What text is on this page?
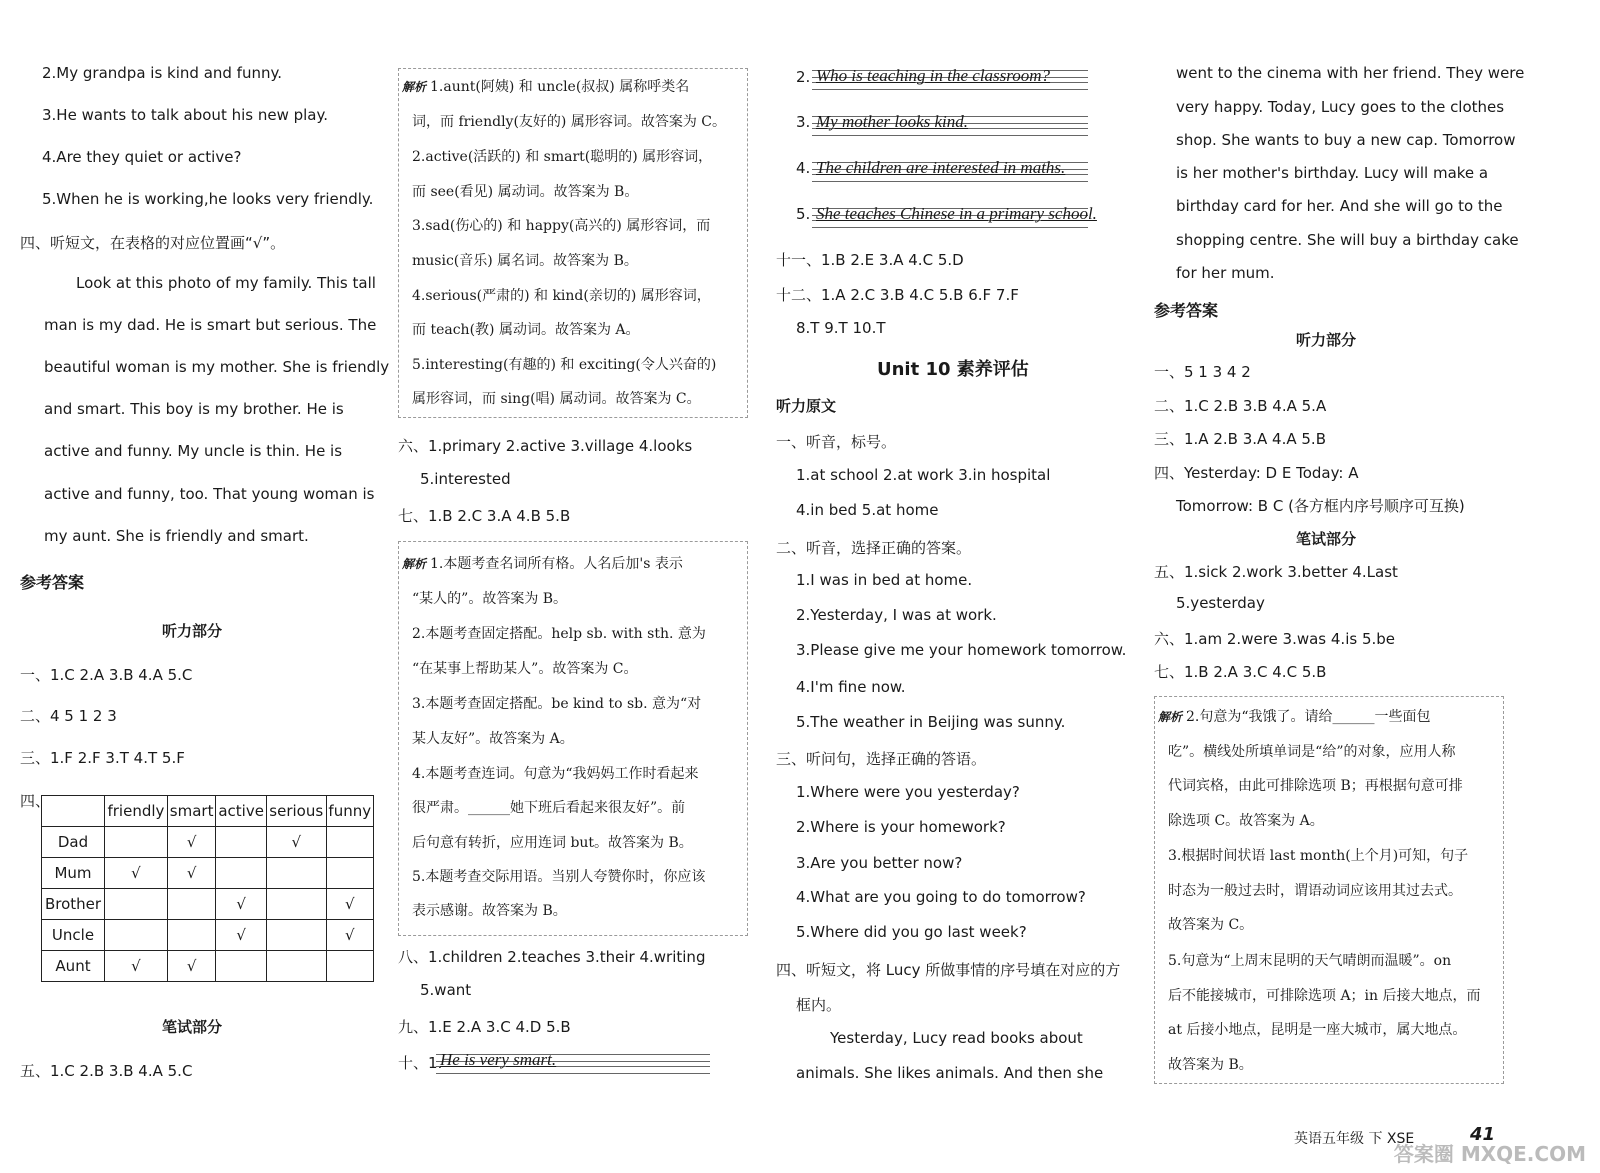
2.My grandpa is kind and funny.
3.He wants to talk about his new play.
4.Are they quiet or active?
5.When he is working,he looks very friendly.
四、听短文，在表格的对应位置画“√”。
Look at this photo of my family. This tall
man is my dad. He is smart but serious. The
beautiful woman is my mother. She is friendly
and smart. This boy is my brother. He is
active and funny. My uncle is thin. He is
active and funny, too. That young woman is
my aunt. She is friendly and smart.
参考答案
听力部分
一、1.C 2.A 3.B 4.A 5.C
二、4 5 1 2 3
三、1.F 2.F 3.T 4.T 5.F
四、
	friendly	smart	active	serious	funny
Dad		√		√	
Mum	√	√			
Brother			√		√
Uncle			√		√
Aunt	√	√			
笔试部分
五、1.C 2.B 3.B 4.A 5.C
解析 1.aunt(阿姨) 和 uncle(叔叔) 属称呼类名
词，而 friendly(友好的) 属形容词。故答案为 C。
2.active(活跃的) 和 smart(聪明的) 属形容词，
而 see(看见) 属动词。故答案为 B。
3.sad(伤心的) 和 happy(高兴的) 属形容词，而
music(音乐) 属名词。故答案为 B。
4.serious(严肃的) 和 kind(亲切的) 属形容词，
而 teach(教) 属动词。故答案为 A。
5.interesting(有趣的) 和 exciting(令人兴奋的)
属形容词，而 sing(唱) 属动词。故答案为 C。
六、1.primary 2.active 3.village 4.looks
5.interested
七、1.B 2.C 3.A 4.B 5.B
解析 1.本题考查名词所有格。人名后加's 表示
“某人的”。故答案为 B。
2.本题考查固定搭配。help sb. with sth. 意为
“在某事上帮助某人”。故答案为 C。
3.本题考查固定搭配。be kind to sb. 意为“对
某人友好”。故答案为 A。
4.本题考查连词。句意为“我妈妈工作时看起来
很严肃。______她下班后看起来很友好”。前
后句意有转折，应用连词 but。故答案为 B。
5.本题考查交际用语。当别人夸赞你时，你应该
表示感谢。故答案为 B。
八、1.children 2.teaches 3.their 4.writing
5.want
九、1.E 2.A 3.C 4.D 5.B
十、1.
He is very smart.
2. Who is teaching in the classroom?
3. My mother looks kind.
4. The children are interested in maths.
5. She teaches Chinese in a primary school.
十一、1.B 2.E 3.A 4.C 5.D
十二、1.A 2.C 3.B 4.C 5.B 6.F 7.F
8.T 9.T 10.T
Unit 10 素养评估
听力原文
一、听音，标号。
1.at school 2.at work 3.in hospital
4.in bed 5.at home
二、听音，选择正确的答案。
1.I was in bed at home.
2.Yesterday, I was at work.
3.Please give me your homework tomorrow.
4.I'm fine now.
5.The weather in Beijing was sunny.
三、听问句，选择正确的答语。
1.Where were you yesterday?
2.Where is your homework?
3.Are you better now?
4.What are you going to do tomorrow?
5.Where did you go last week?
四、听短文，将 Lucy 所做事情的序号填在对应的方
框内。
Yesterday, Lucy read books about
animals. She likes animals. And then she
went to the cinema with her friend. They were
very happy. Today, Lucy goes to the clothes
shop. She wants to buy a new cap. Tomorrow
is her mother's birthday. Lucy will make a
birthday card for her. And she will go to the
shopping centre. She will buy a birthday cake
for her mum.
参考答案
听力部分
一、5 1 3 4 2
二、1.C 2.B 3.B 4.A 5.A
三、1.A 2.B 3.A 4.A 5.B
四、Yesterday: D E Today: A
Tomorrow: B C (各方框内序号顺序可互换)
笔试部分
五、1.sick 2.work 3.better 4.Last
5.yesterday
六、1.am 2.were 3.was 4.is 5.be
七、1.B 2.A 3.C 4.C 5.B
解析 2.句意为“我饿了。请给______一些面包
吃”。横线处所填单词是“给”的对象，应用人称
代词宾格，由此可排除选项 B；再根据句意可排
除选项 C。故答案为 A。
3.根据时间状语 last month(上个月)可知，句子
时态为一般过去时，谓语动词应该用其过去式。
故答案为 C。
5.句意为“上周末昆明的天气晴朗而温暖”。on
后不能接城市，可排除选项 A；in 后接大地点，而
at 后接小地点，昆明是一座大城市，属大地点。
故答案为 B。
英语五年级 下 XSE	41
答案圈 MXQE.COM
